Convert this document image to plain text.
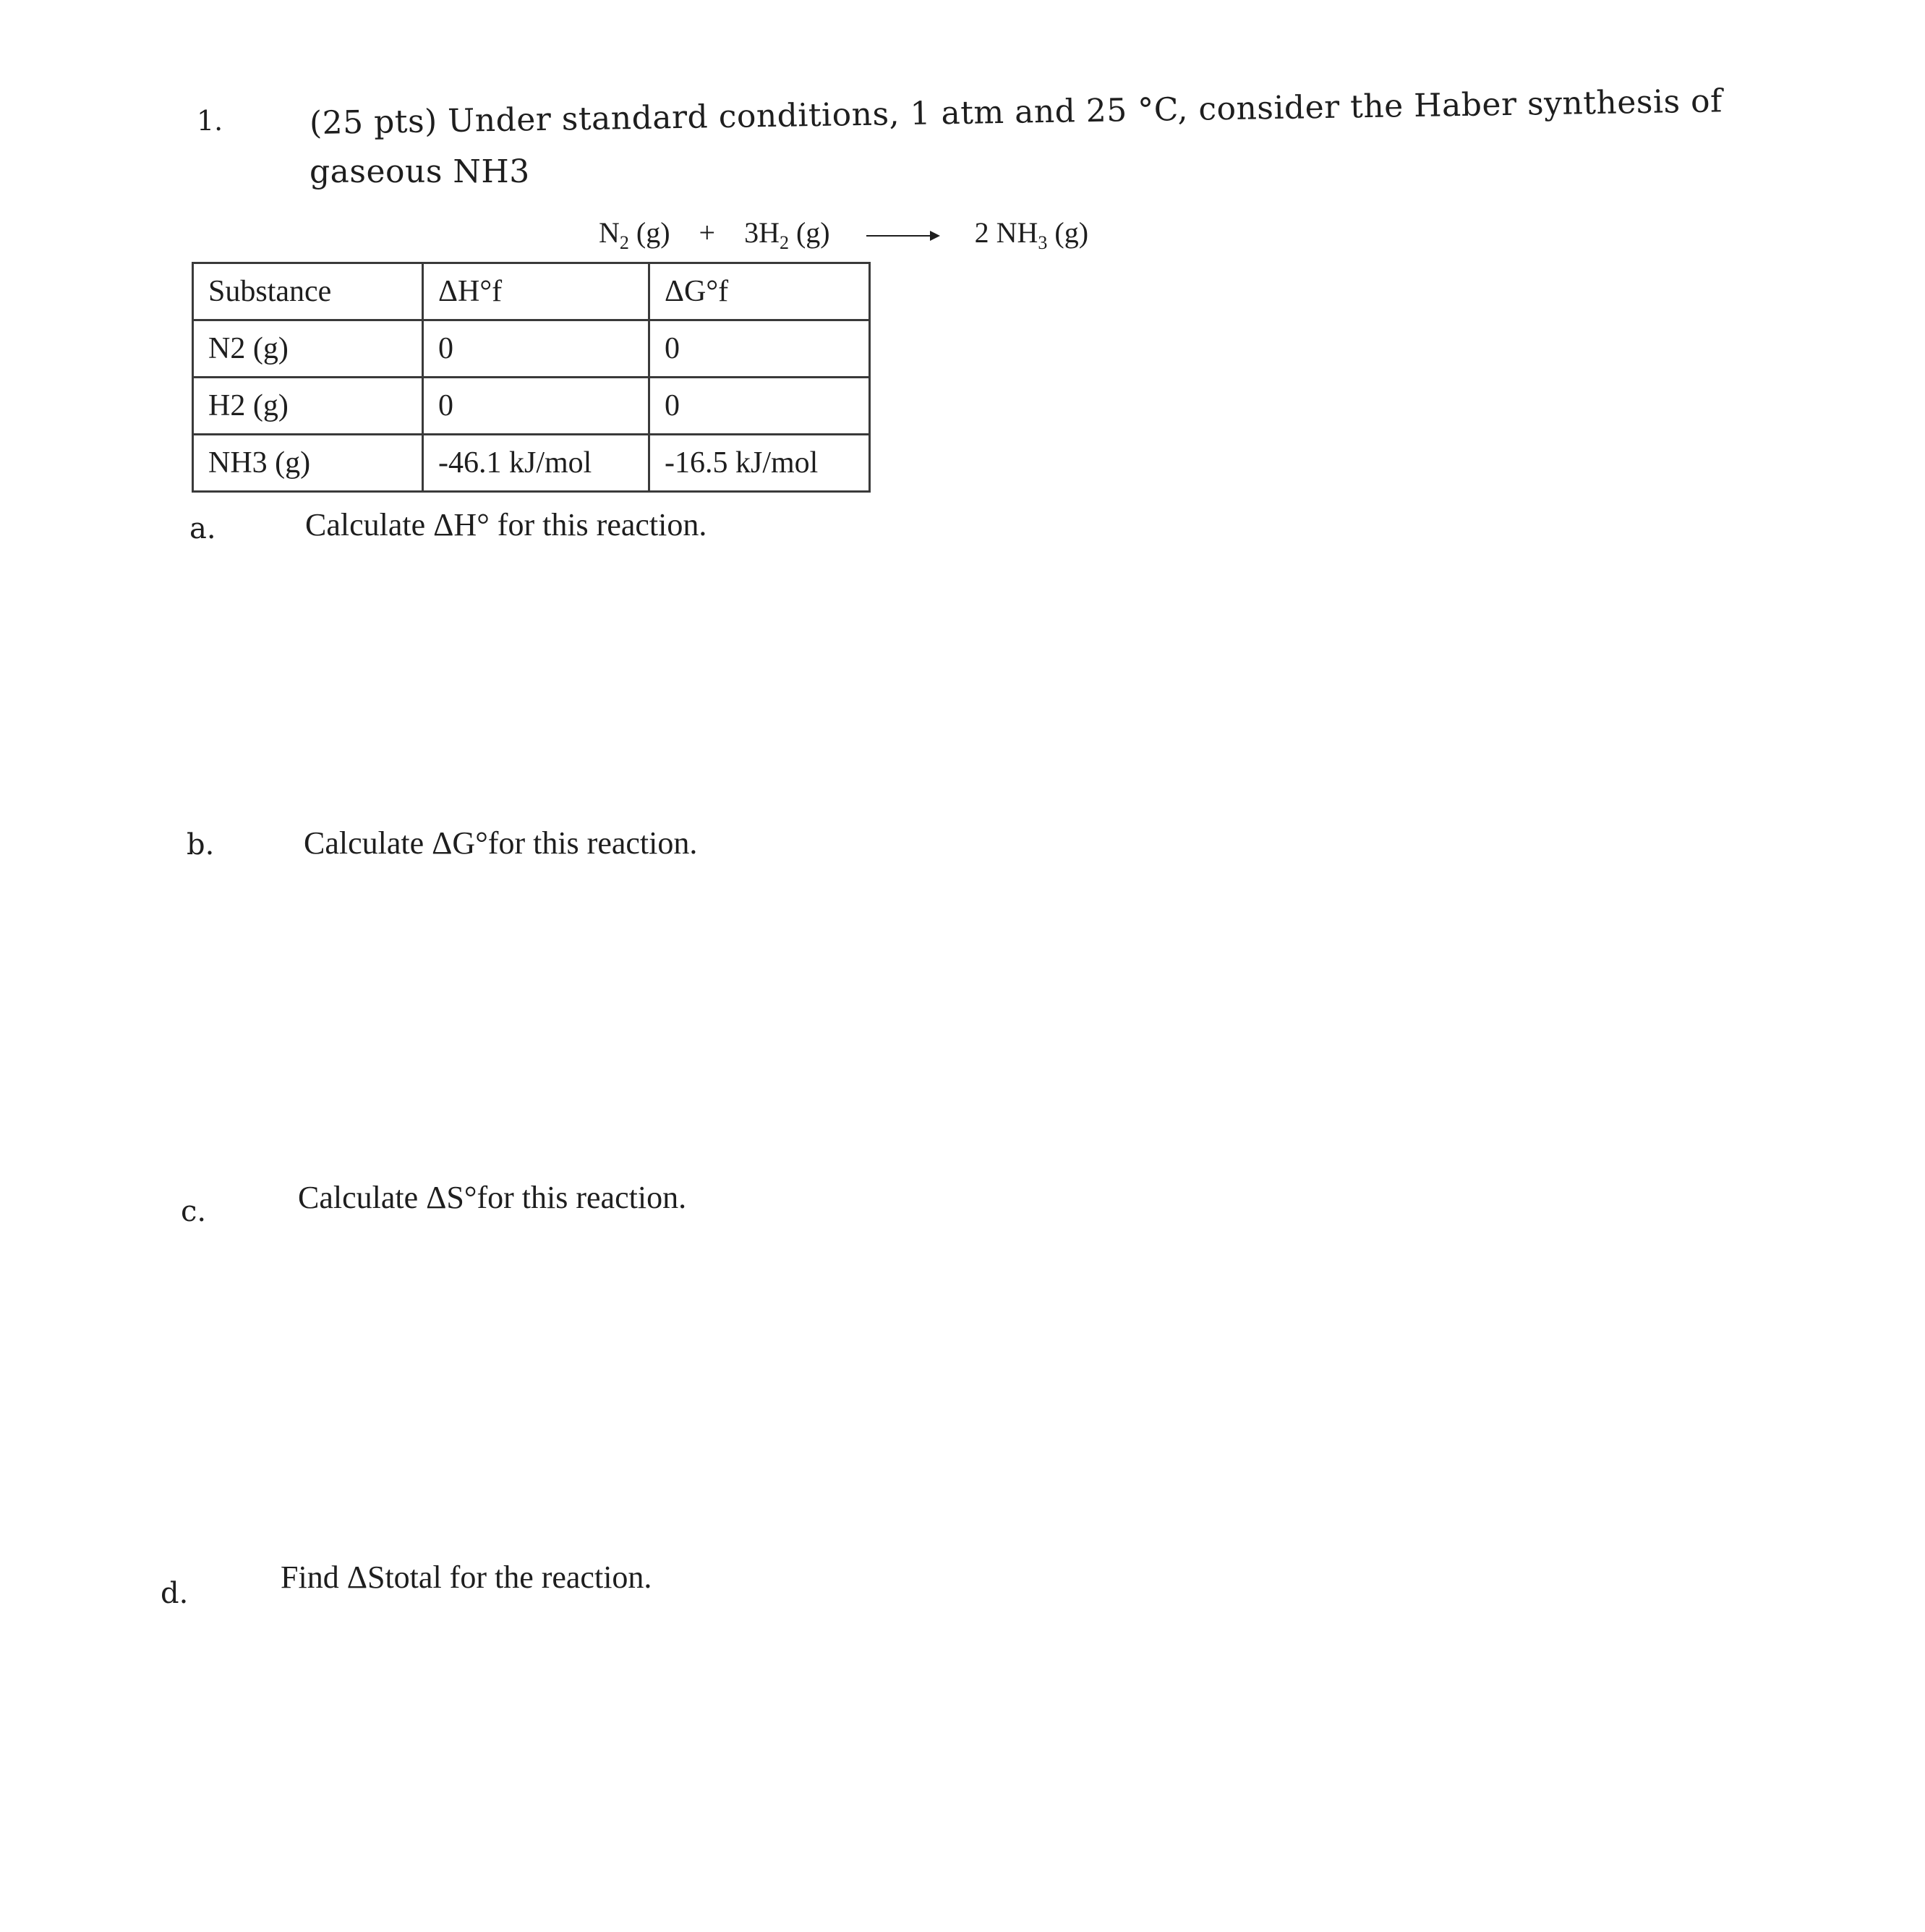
1.	(25 pts) Under standard conditions, 1 atm and 25 °C, consider the Haber synthesis of
gaseous NH3
$N_2$ $(g) + 3H_2$ (g) → 2 $NH_3$ (g)
Substance	ΔH°f	ΔG°f
N2 (g)	0	0
H2 (g)	0	0
NH3 (g)	-46.1 kJ/mol	-16.5 kJ/mol
a.	Calculate ΔH° for this reaction.
b.	Calculate ΔG°for this reaction.
c.	Calculate ΔS°for this reaction.
d.	Find ΔStotal for the reaction.
